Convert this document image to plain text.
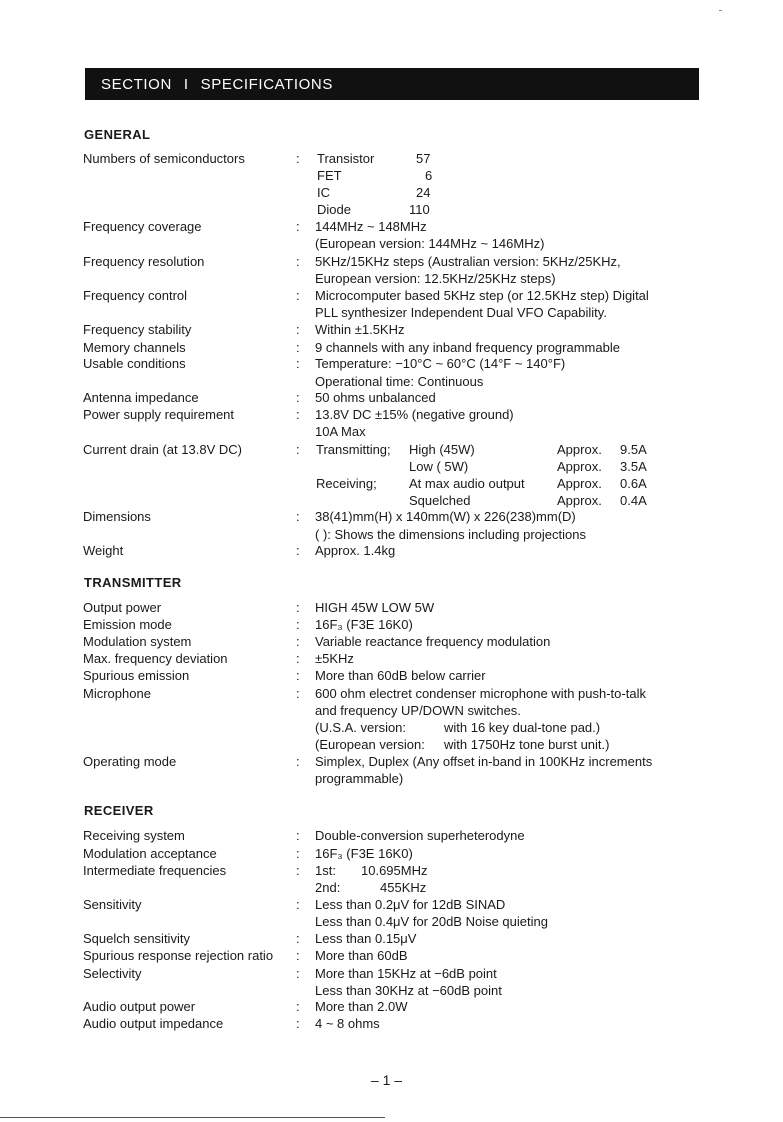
SECTION I SPECIFICATIONS
GENERAL
Numbers of semiconductors	: Transistor	57
FET	6
IC	24
Diode	110
Frequency coverage	: 144MHz ~ 148MHz
(European version: 144MHz ~ 146MHz)
Frequency resolution	: 5KHz/15KHz steps (Australian version: 5KHz/25KHz,
European version: 12.5KHz/25KHz steps)
Frequency control	: Microcomputer based 5KHz step (or 12.5KHz step) Digital
PLL synthesizer Independent Dual VFO Capability.
Frequency stability	: Within ±1.5KHz
Memory channels	: 9 channels with any inband frequency programmable
Usable conditions	: Temperature: −10°C ~ 60°C (14°F ~ 140°F)
Operational time: Continuous
Antenna impedance	: 50 ohms unbalanced
Power supply requirement	: 13.8V DC ±15% (negative ground)
10A Max
Current drain (at 13.8V DC)	: Transmitting; High (45W)	Approx. 9.5A
Low ( 5W)	Approx. 3.5A
Receiving; At max audio output Approx. 0.6A
Squelched	Approx. 0.4A
Dimensions	: 38(41)mm(H) x 140mm(W) x 226(238)mm(D)
( ): Shows the dimensions including projections
Weight	: Approx. 1.4kg
TRANSMITTER
Output power	: HIGH 45W LOW 5W
Emission mode	: 16F₃ (F3E 16K0)
Modulation system	: Variable reactance frequency modulation
Max. frequency deviation	: ±5KHz
Spurious emission	: More than 60dB below carrier
Microphone	: 600 ohm electret condenser microphone with push-to-talk
and frequency UP/DOWN switches.
(U.S.A. version:	with 16 key dual-tone pad.)
(European version: with 1750Hz tone burst unit.)
Operating mode	: Simplex, Duplex (Any offset in-band in 100KHz increments
programmable)
RECEIVER
Receiving system	: Double-conversion superheterodyne
Modulation acceptance	: 16F₃ (F3E 16K0)
Intermediate frequencies	: 1st: 10.695MHz
2nd:	455KHz
Sensitivity	: Less than 0.2μV for 12dB SINAD
Less than 0.4μV for 20dB Noise quieting
Squelch sensitivity	: Less than 0.15μV
Spurious response rejection ratio : More than 60dB
Selectivity	: More than 15KHz at −6dB point
Less than 30KHz at −60dB point
Audio output power	: More than 2.0W
Audio output impedance	: 4 ~ 8 ohms
– 1 –
